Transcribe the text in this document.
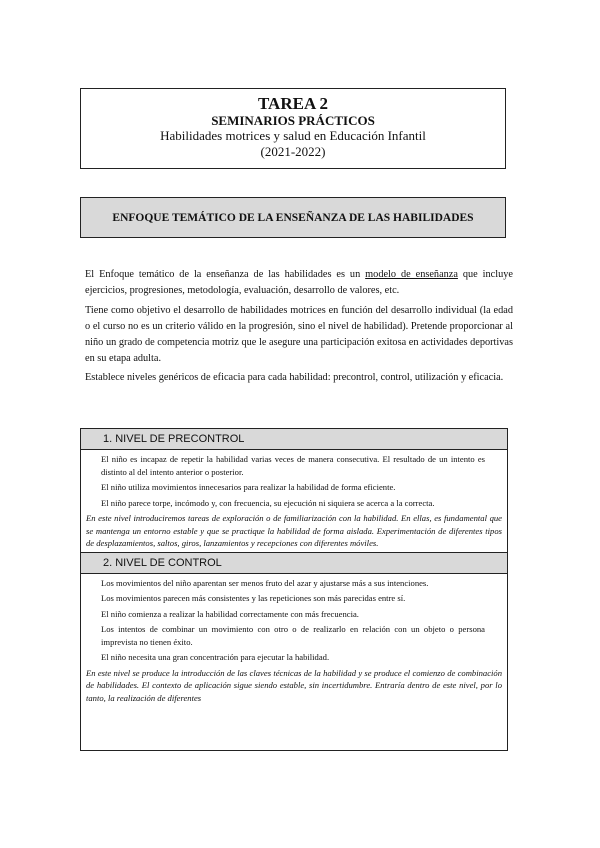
TAREA 2
SEMINARIOS PRÁCTICOS
Habilidades motrices y salud en Educación Infantil
(2021-2022)
ENFOQUE TEMÁTICO DE LA ENSEÑANZA DE LAS HABILIDADES
El Enfoque temático de la enseñanza de las habilidades es un modelo de enseñanza que incluye ejercicios, progresiones, metodología, evaluación, desarrollo de valores, etc.
Tiene como objetivo el desarrollo de habilidades motrices en función del desarrollo individual (la edad o el curso no es un criterio válido en la progresión, sino el nivel de habilidad). Pretende proporcionar al niño un grado de competencia motriz que le asegure una participación exitosa en actividades deportivas en su etapa adulta.
Establece niveles genéricos de eficacia para cada habilidad: precontrol, control, utilización y eficacia.
1. NIVEL DE PRECONTROL
El niño es incapaz de repetir la habilidad varias veces de manera consecutiva. El resultado de un intento es distinto al del intento anterior o posterior.
El niño utiliza movimientos innecesarios para realizar la habilidad de forma eficiente.
El niño parece torpe, incómodo y, con frecuencia, su ejecución ni siquiera se acerca a la correcta.
En este nivel introduciremos tareas de exploración o de familiarización con la habilidad. En ellas, es fundamental que se mantenga un entorno estable y que se practique la habilidad de forma aislada. Experimentación de diferentes tipos de desplazamientos, saltos, giros, lanzamientos y recepciones con diferentes móviles.
2. NIVEL DE CONTROL
Los movimientos del niño aparentan ser menos fruto del azar y ajustarse más a sus intenciones.
Los movimientos parecen más consistentes y las repeticiones son más parecidas entre sí.
El niño comienza a realizar la habilidad correctamente con más frecuencia.
Los intentos de combinar un movimiento con otro o de realizarlo en relación con un objeto o persona imprevista no tienen éxito.
El niño necesita una gran concentración para ejecutar la habilidad.
En este nivel se produce la introducción de las claves técnicas de la habilidad y se produce el comienzo de combinación de habilidades. El contexto de aplicación sigue siendo estable, sin incertidumbre. Entraría dentro de este nivel, por lo tanto, la realización de diferentes
